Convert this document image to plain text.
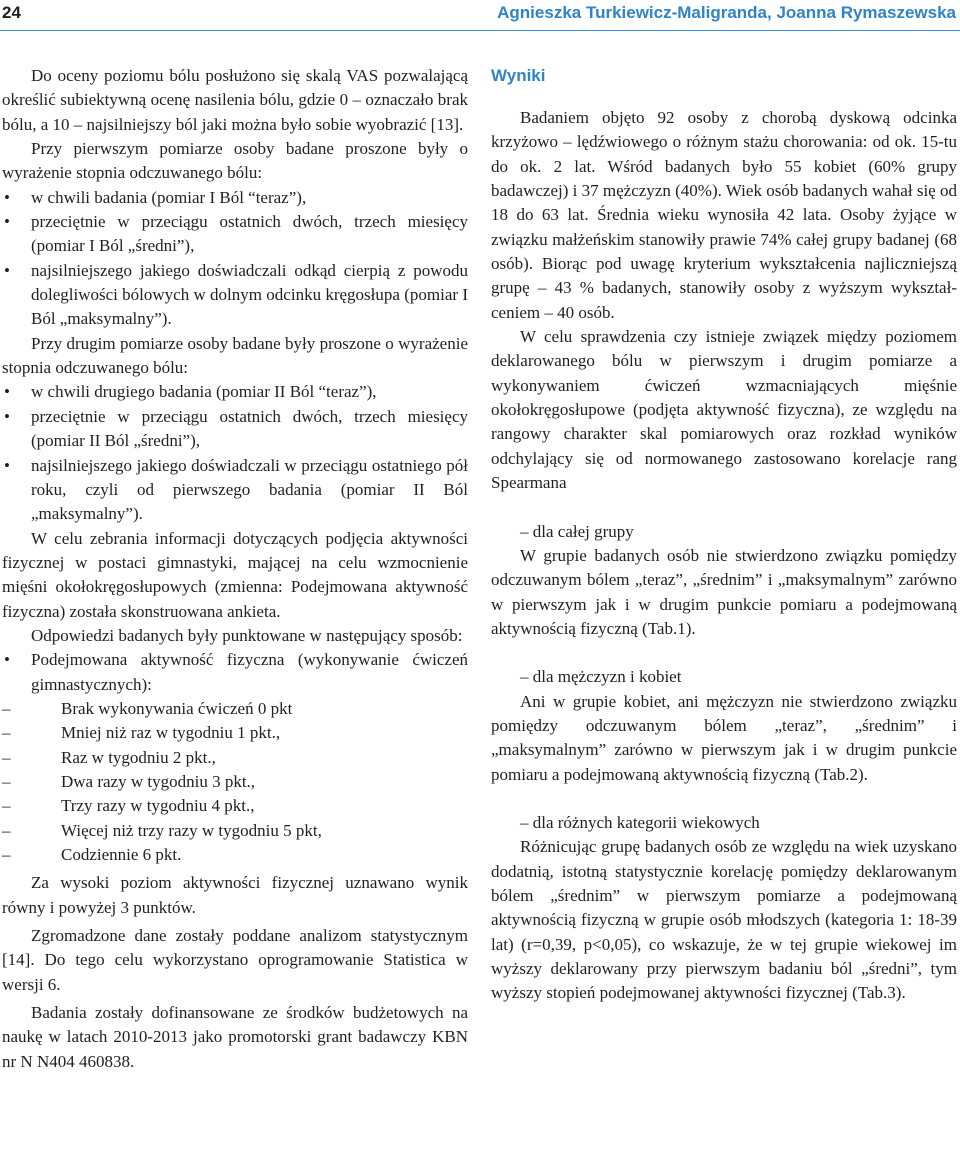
24	Agnieszka Turkiewicz-Maligranda, Joanna Rymaszewska

Do oceny poziomu bólu posłużono się skalą VAS pozwalającą określić subiektywną ocenę nasilenia bólu, gdzie 0 – oznaczało brak bólu, a 10 – najsilniejszy ból jaki można było sobie wyobrazić [13].

Przy pierwszym pomiarze osoby badane proszone były o wyrażenie stopnia odczuwanego bólu:

• w chwili badania (pomiar I Ból “teraz”),
• przeciętnie w przeciągu ostatnich dwóch, trzech miesięcy (pomiar I Ból „średni”),
• najsilniejszego jakiego doświadczali odkąd cierpią z powodu dolegliwości bólowych w dolnym odcinku kręgosłupa (pomiar I Ból „maksymalny”).

Przy drugim pomiarze osoby badane były proszone o wyrażenie stopnia odczuwanego bólu:

• w chwili drugiego badania (pomiar II Ból “teraz”),
• przeciętnie w przeciągu ostatnich dwóch, trzech miesięcy (pomiar II Ból „średni”),
• najsilniejszego jakiego doświadczali w przeciągu ostatniego pół roku, czyli od pierwszego badania (pomiar II Ból „maksymalny”).

W celu zebrania informacji dotyczących podjęcia aktywności fizycznej w postaci gimnastyki, mającej na celu wzmocnienie mięśni okołokręgosłupowych (zmienna: Podejmowana aktywność fizyczna) została skonstruowana ankieta.

Odpowiedzi badanych były punktowane w następujący sposób:

• Podejmowana aktywność fizyczna (wykonywanie ćwiczeń gimnastycznych):
– Brak wykonywania ćwiczeń 0 pkt
– Mniej niż raz w tygodniu 1 pkt.,
– Raz w tygodniu 2 pkt.,
– Dwa razy w tygodniu 3 pkt.,
– Trzy razy w tygodniu 4 pkt.,
– Więcej niż trzy razy w tygodniu 5 pkt,
– Codziennie 6 pkt.

Za wysoki poziom aktywności fizycznej uznawano wynik równy i powyżej 3 punktów.

Zgromadzone dane zostały poddane analizom statystycznym [14]. Do tego celu wykorzystano oprogramowanie Statistica w wersji 6.

Badania zostały dofinansowane ze środków budżetowych na naukę w latach 2010-2013 jako promotorski grant badawczy KBN nr N N404 460838.

Wyniki

Badaniem objęto 92 osoby z chorobą dyskową odcinka krzyżowo – lędźwiowego o różnym stażu chorowania: od ok. 15-tu do ok. 2 lat. Wśród badanych było 55 kobiet (60% grupy badawczej) i 37 mężczyzn (40%). Wiek osób badanych wahał się od 18 do 63 lat. Średnia wieku wynosiła 42 lata. Osoby żyjące w związku małżeńskim stanowiły prawie 74% całej grupy badanej (68 osób). Biorąc pod uwagę kryterium wykształcenia najliczniejszą grupę – 43 % badanych, stanowiły osoby z wyższym wykształceniem – 40 osób.

W celu sprawdzenia czy istnieje związek między poziomem deklarowanego bólu w pierwszym i drugim pomiarze a wykonywaniem ćwiczeń wzmacniających mięśnie okołokręgosłupowe (podjęta aktywność fizyczna), ze względu na rangowy charakter skal pomiarowych oraz rozkład wyników odchylający się od normowanego zastosowano korelacje rang Spearmana

– dla całej grupy

W grupie badanych osób nie stwierdzono związku pomiędzy odczuwanym bólem „teraz”, „średnim” i „maksymalnym” zarówno w pierwszym jak i w drugim punkcie pomiaru a podejmowaną aktywnością fizyczną (Tab.1).

– dla mężczyzn i kobiet

Ani w grupie kobiet, ani mężczyzn nie stwierdzono związku pomiędzy odczuwanym bólem „teraz”, „średnim” i „maksymalnym” zarówno w pierwszym jak i w drugim punkcie pomiaru a podejmowaną aktywnością fizyczną (Tab.2).

– dla różnych kategorii wiekowych

Różnicując grupę badanych osób ze względu na wiek uzyskano dodatnią, istotną statystycznie korelację pomiędzy deklarowanym bólem „średnim” w pierwszym pomiarze a podejmowaną aktywnością fizyczną w grupie osób młodszych (kategoria 1: 18-39 lat) (r=0,39, p<0,05), co wskazuje, że w tej grupie wiekowej im wyższy deklarowany przy pierwszym badaniu ból „średni”, tym wyższy stopień podejmowanej aktywności fizycznej (Tab.3).
